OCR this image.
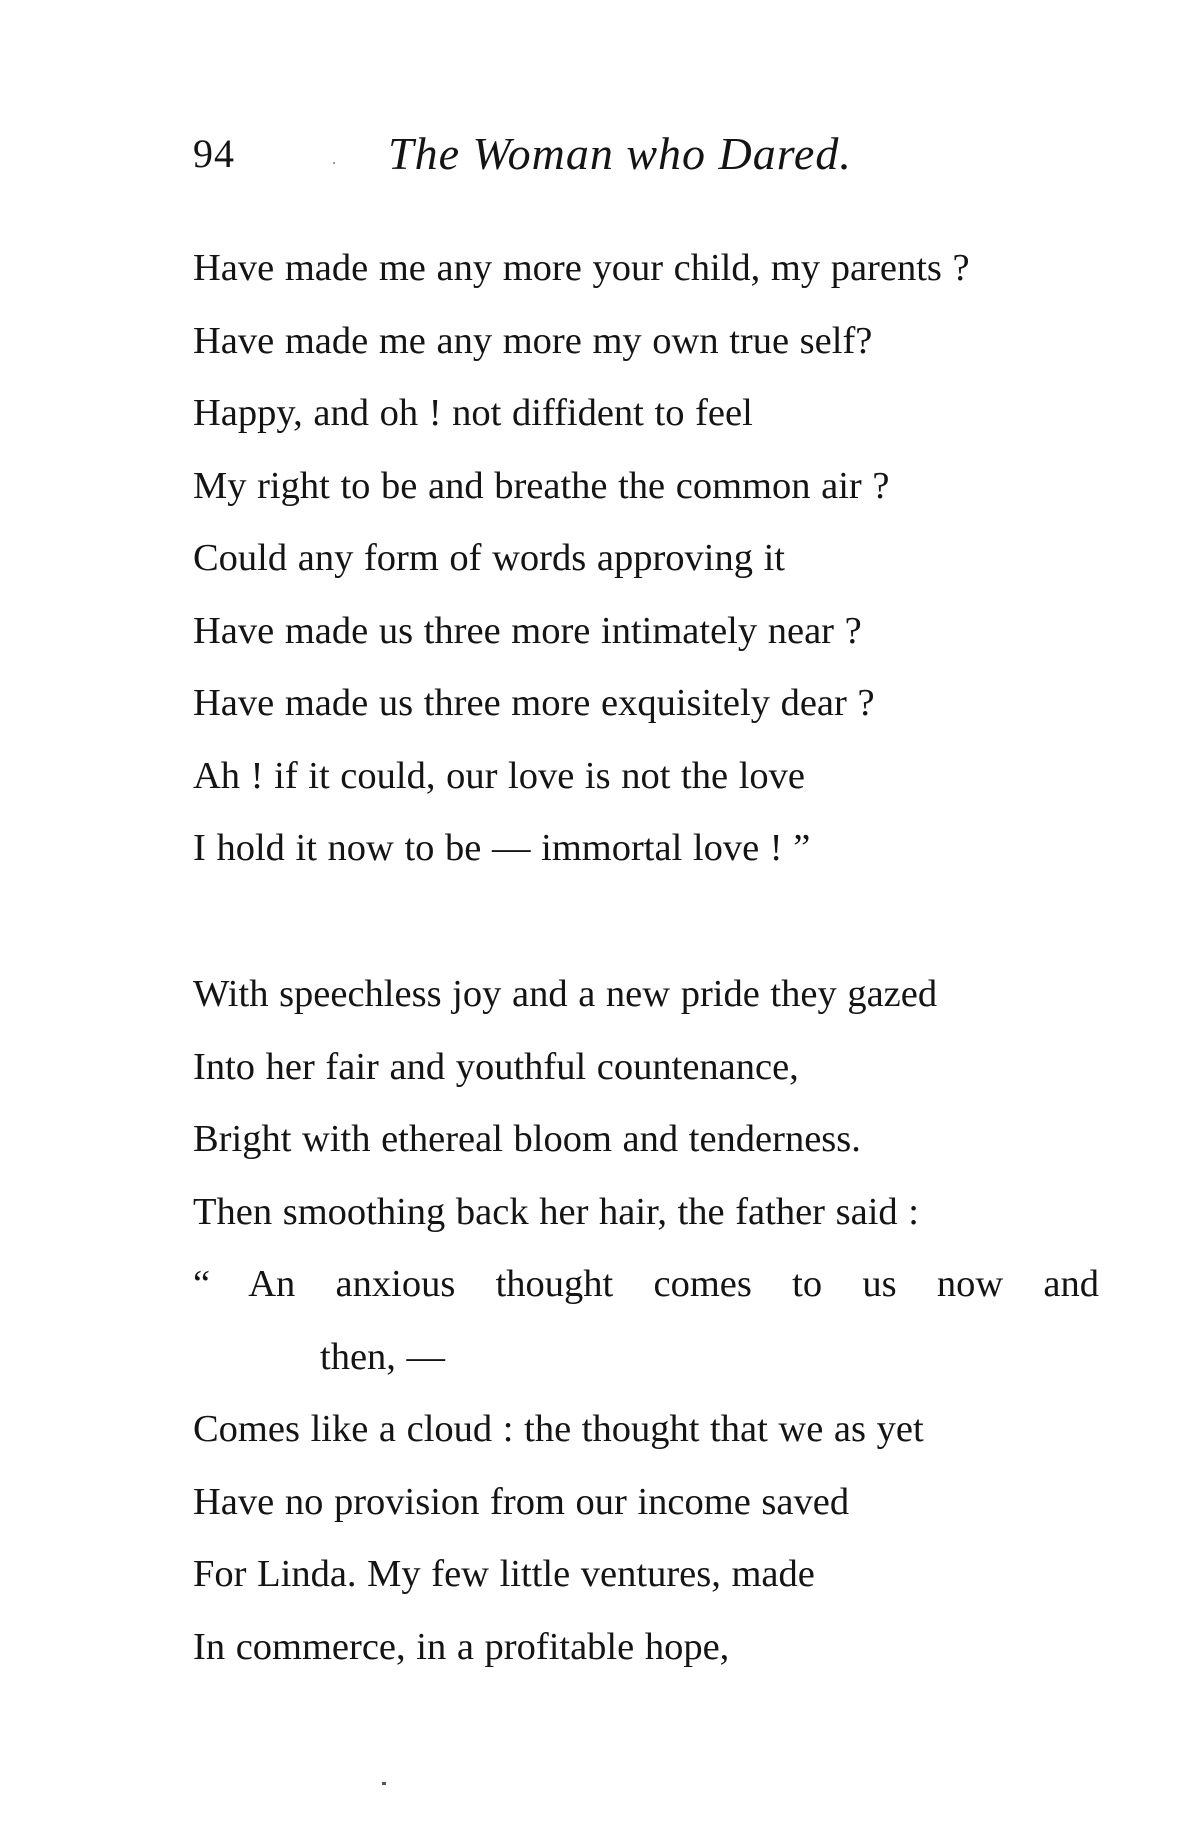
94	The Woman who Dared.
Have made me any more your child, my parents ?
Have made me any more my own true self?
Happy, and oh ! not diffident to feel
My right to be and breathe the common air ?
Could any form of words approving it
Have made us three more intimately near ?
Have made us three more exquisitely dear ?
Ah ! if it could, our love is not the love
I hold it now to be — immortal love ! ”
With speechless joy and a new pride they gazed
Into her fair and youthful countenance,
Bright with ethereal bloom and tenderness.
Then smoothing back her hair, the father said :
“ An anxious thought comes to us now and
then, —
Comes like a cloud : the thought that we as yet
Have no provision from our income saved
For Linda. My few little ventures, made
In commerce, in a profitable hope,
